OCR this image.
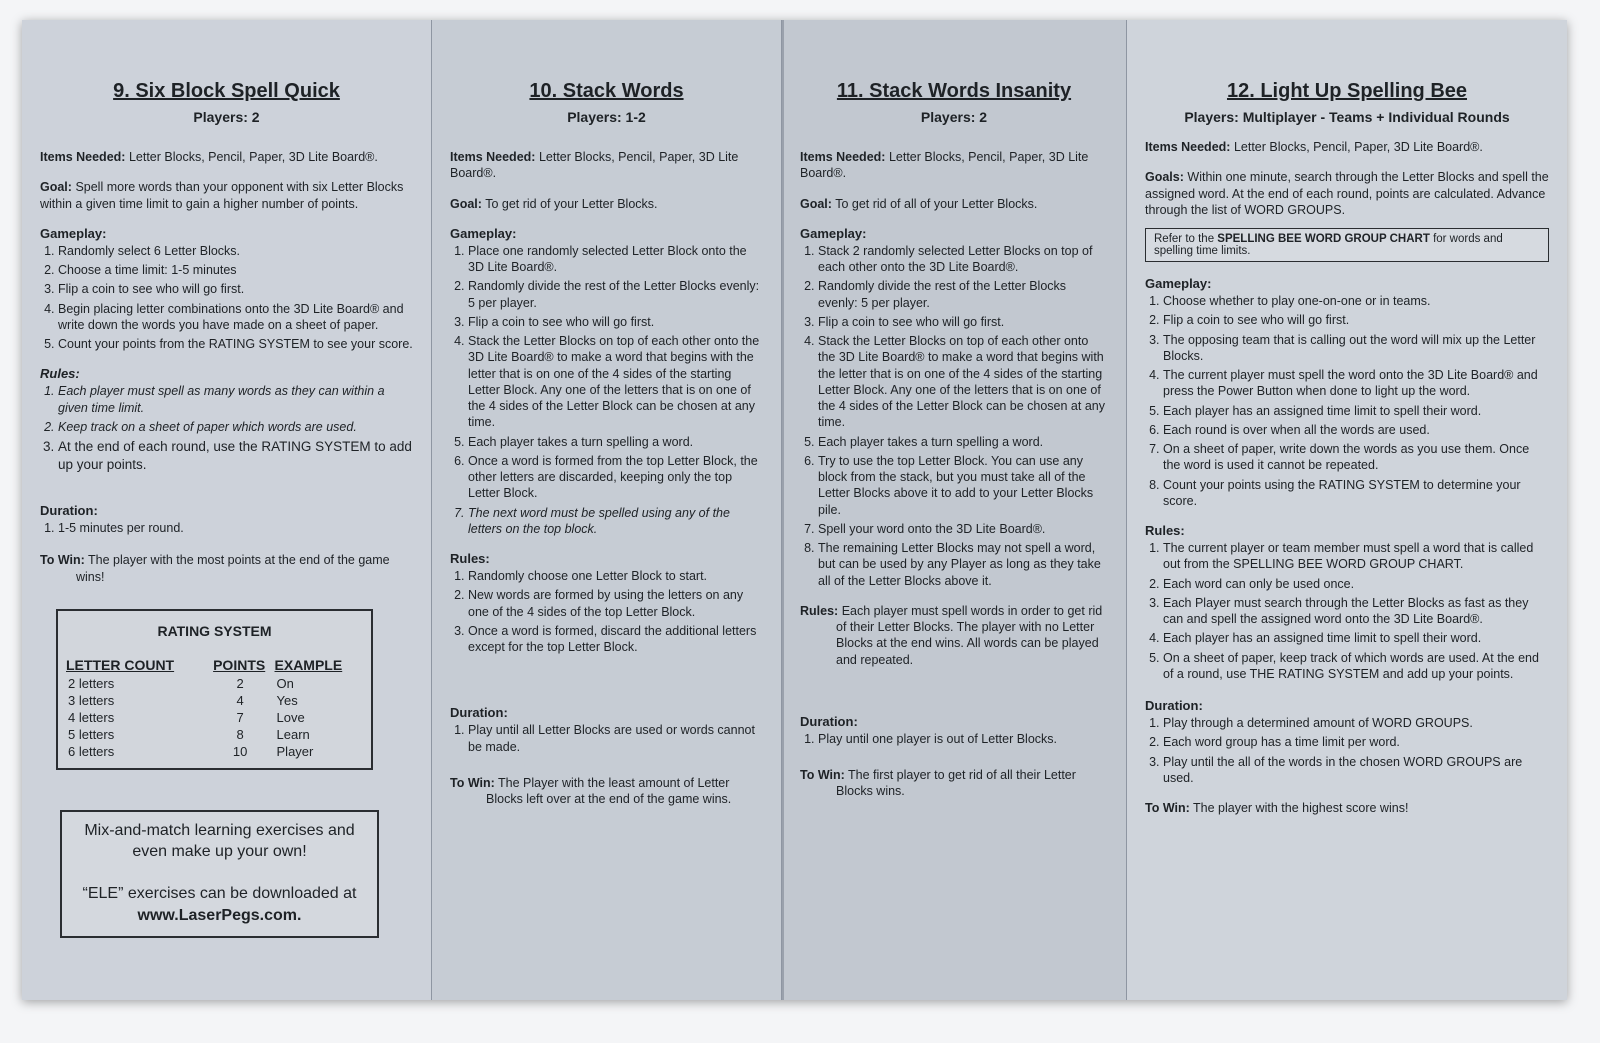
9. Six Block Spell Quick
Players: 2

Items Needed: Letter Blocks, Pencil, Paper, 3D Lite Board®.

Goal: Spell more words than your opponent with six Letter Blocks within a given time limit to gain a higher number of points.

Gameplay:
1. Randomly select 6 Letter Blocks.
2. Choose a time limit: 1-5 minutes
3. Flip a coin to see who will go first.
4. Begin placing letter combinations onto the 3D Lite Board® and write down the words you have made on a sheet of paper.
5. Count your points from the RATING SYSTEM to see your score.
Rules:
1. Each player must spell as many words as they can within a given time limit.
2. Keep track on a sheet of paper which words are used.
3. At the end of each round, use the RATING SYSTEM to add up your points.
Duration:
1. 1-5 minutes per round.

To Win: The player with the most points at the end of the game wins!

RATING SYSTEM
LETTER COUNT	POINTS	EXAMPLE
2 letters	2	On
3 letters	4	Yes
4 letters	7	Love
5 letters	8	Learn
6 letters	10	Player
Mix-and-match learning exercises and even make up your own!
“ELE” exercises can be downloaded at
www.LaserPegs.com.
10. Stack Words
Players: 1-2

Items Needed: Letter Blocks, Pencil, Paper, 3D Lite Board®.

Goal: To get rid of your Letter Blocks.

Gameplay:
1. Place one randomly selected Letter Block onto the 3D Lite Board®.
2. Randomly divide the rest of the Letter Blocks evenly: 5 per player.
3. Flip a coin to see who will go first.
4. Stack the Letter Blocks on top of each other onto the 3D Lite Board® to make a word that begins with the letter that is on one of the 4 sides of the starting Letter Block. Any one of the letters that is on one of the 4 sides of the Letter Block can be chosen at any time.
5. Each player takes a turn spelling a word.
6. Once a word is formed from the top Letter Block, the other letters are discarded, keeping only the top Letter Block.
7. The next word must be spelled using any of the letters on the top block.
Rules:
1. Randomly choose one Letter Block to start.
2. New words are formed by using the letters on any one of the 4 sides of the top Letter Block.
3. Once a word is formed, discard the additional letters except for the top Letter Block.
Duration:
1. Play until all Letter Blocks are used or words cannot be made.

To Win: The Player with the least amount of Letter Blocks left over at the end of the game wins.

11. Stack Words Insanity
Players: 2

Items Needed: Letter Blocks, Pencil, Paper, 3D Lite Board®.

Goal: To get rid of all of your Letter Blocks.

Gameplay:
1. Stack 2 randomly selected Letter Blocks on top of each other onto the 3D Lite Board®.
2. Randomly divide the rest of the Letter Blocks evenly: 5 per player.
3. Flip a coin to see who will go first.
4. Stack the Letter Blocks on top of each other onto the 3D Lite Board® to make a word that begins with the letter that is on one of the 4 sides of the starting Letter Block. Any one of the letters that is on one of the 4 sides of the Letter Block can be chosen at any time.
5. Each player takes a turn spelling a word.
6. Try to use the top Letter Block. You can use any block from the stack, but you must take all of the Letter Blocks above it to add to your Letter Blocks pile.
7. Spell your word onto the 3D Lite Board®.
8. The remaining Letter Blocks may not spell a word, but can be used by any Player as long as they take all of the Letter Blocks above it.

Rules: Each player must spell words in order to get rid of their Letter Blocks. The player with no Letter Blocks at the end wins. All words can be played and repeated.

Duration:
1. Play until one player is out of Letter Blocks.

To Win: The first player to get rid of all their Letter Blocks wins.

12. Light Up Spelling Bee
Players: Multiplayer - Teams + Individual Rounds

Items Needed: Letter Blocks, Pencil, Paper, 3D Lite Board®.

Goals: Within one minute, search through the Letter Blocks and spell the assigned word. At the end of each round, points are calculated. Advance through the list of WORD GROUPS.

Refer to the SPELLING BEE WORD GROUP CHART for words and spelling time limits.
Gameplay:
1. Choose whether to play one-on-one or in teams.
2. Flip a coin to see who will go first.
3. The opposing team that is calling out the word will mix up the Letter Blocks.
4. The current player must spell the word onto the 3D Lite Board® and press the Power Button when done to light up the word.
5. Each player has an assigned time limit to spell their word.
6. Each round is over when all the words are used.
7. On a sheet of paper, write down the words as you use them. Once the word is used it cannot be repeated.
8. Count your points using the RATING SYSTEM to determine your score.
Rules:
1. The current player or team member must spell a word that is called out from the SPELLING BEE WORD GROUP CHART.
2. Each word can only be used once.
3. Each Player must search through the Letter Blocks as fast as they can and spell the assigned word onto the 3D Lite Board®.
4. Each player has an assigned time limit to spell their word.
5. On a sheet of paper, keep track of which words are used. At the end of a round, use THE RATING SYSTEM and add up your points.
Duration:
1. Play through a determined amount of WORD GROUPS.
2. Each word group has a time limit per word.
3. Play until the all of the words in the chosen WORD GROUPS are used.

To Win: The player with the highest score wins!
